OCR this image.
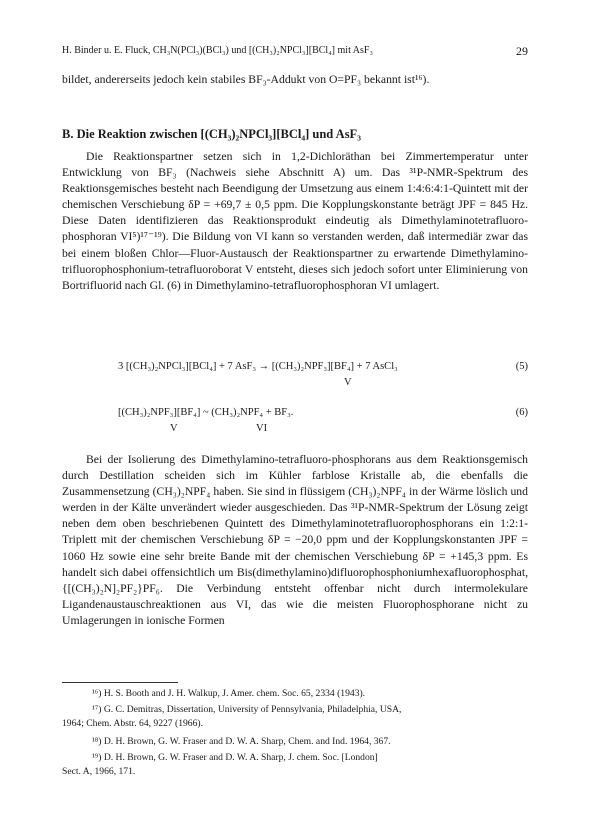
H. Binder u. E. Fluck, CH₃N(PCl₃)(BCl₃) und [(CH₃)₂NPCl₃][BCl₄] mit AsF₃	29

bildet, andererseits jedoch kein stabiles BF₃-Addukt von O=PF₃ bekannt ist¹⁶).

B. Die Reaktion zwischen [(CH₃)₂NPCl₃][BCl₄] und AsF₃

Die Reaktionspartner setzen sich in 1,2-Dichloräthan bei Zimmertemperatur unter Entwicklung von BF₃ (Nachweis siehe Abschnitt A) um. Das ³¹P-NMR-Spektrum des Reaktionsgemisches besteht nach Beendigung der Umsetzung aus einem 1:4:6:4:1-Quintett mit der chemischen Verschiebung δP = +69,7 ± 0,5 ppm. Die Kopplungskonstante beträgt JPF = 845 Hz. Diese Daten identifizieren das Reaktionsprodukt eindeutig als Dimethylaminotetrafluoro-phosphoran VI⁵)¹⁷⁻¹⁹). Die Bildung von VI kann so verstanden werden, daß intermediär zwar das bei einem bloßen Chlor—Fluor-Austausch der Reaktionspartner zu erwartende Dimethylamino-trifluorophosphonium-tetrafluoroborat V entsteht, dieses sich jedoch sofort unter Eliminierung von Bortrifluorid nach Gl. (6) in Dimethylamino-tetrafluorophosphoran VI umlagert.

3 [(CH₃)₂NPCl₃][BCl₄] + 7 AsF₃ → [(CH₃)₂NPF₃][BF₄] + 7 AsCl₃	(5)
V
[(CH₃)₂NPF₃][BF₄] ~ (CH₃)₂NPF₄ + BF₃.	(6)
V	VI

Bei der Isolierung des Dimethylamino-tetrafluoro-phosphorans aus dem Reaktionsgemisch durch Destillation scheiden sich im Kühler farblose Kristalle ab, die ebenfalls die Zusammensetzung (CH₃)₂NPF₄ haben. Sie sind in flüssigem (CH₃)₂NPF₄ in der Wärme löslich und werden in der Kälte unverändert wieder ausgeschieden. Das ³¹P-NMR-Spektrum der Lösung zeigt neben dem oben beschriebenen Quintett des Dimethylaminotetrafluorophosphorans ein 1:2:1-Triplett mit der chemischen Verschiebung δP = −20,0 ppm und der Kopplungskonstanten JPF = 1060 Hz sowie eine sehr breite Bande mit der chemischen Verschiebung δP = +145,3 ppm. Es handelt sich dabei offensichtlich um Bis(dimethylamino)difluorophosphoniumhexafluorophosphat, {[(CH₃)₂N]₂PF₂}PF₆. Die Verbindung entsteht offenbar nicht durch intermolekulare Ligandenaustauschreaktionen aus VI, das wie die meisten Fluorophosphorane nicht zu Umlagerungen in ionische Formen

¹⁶) H. S. Booth and J. H. Walkup, J. Amer. chem. Soc. 65, 2334 (1943).
¹⁷) G. C. Demitras, Dissertation, University of Pennsylvania, Philadelphia, USA,
1964; Chem. Abstr. 64, 9227 (1966).
¹⁸) D. H. Brown, G. W. Fraser and D. W. A. Sharp, Chem. and Ind. 1964, 367.
¹⁹) D. H. Brown, G. W. Fraser and D. W. A. Sharp, J. chem. Soc. [London]
Sect. A, 1966, 171.
